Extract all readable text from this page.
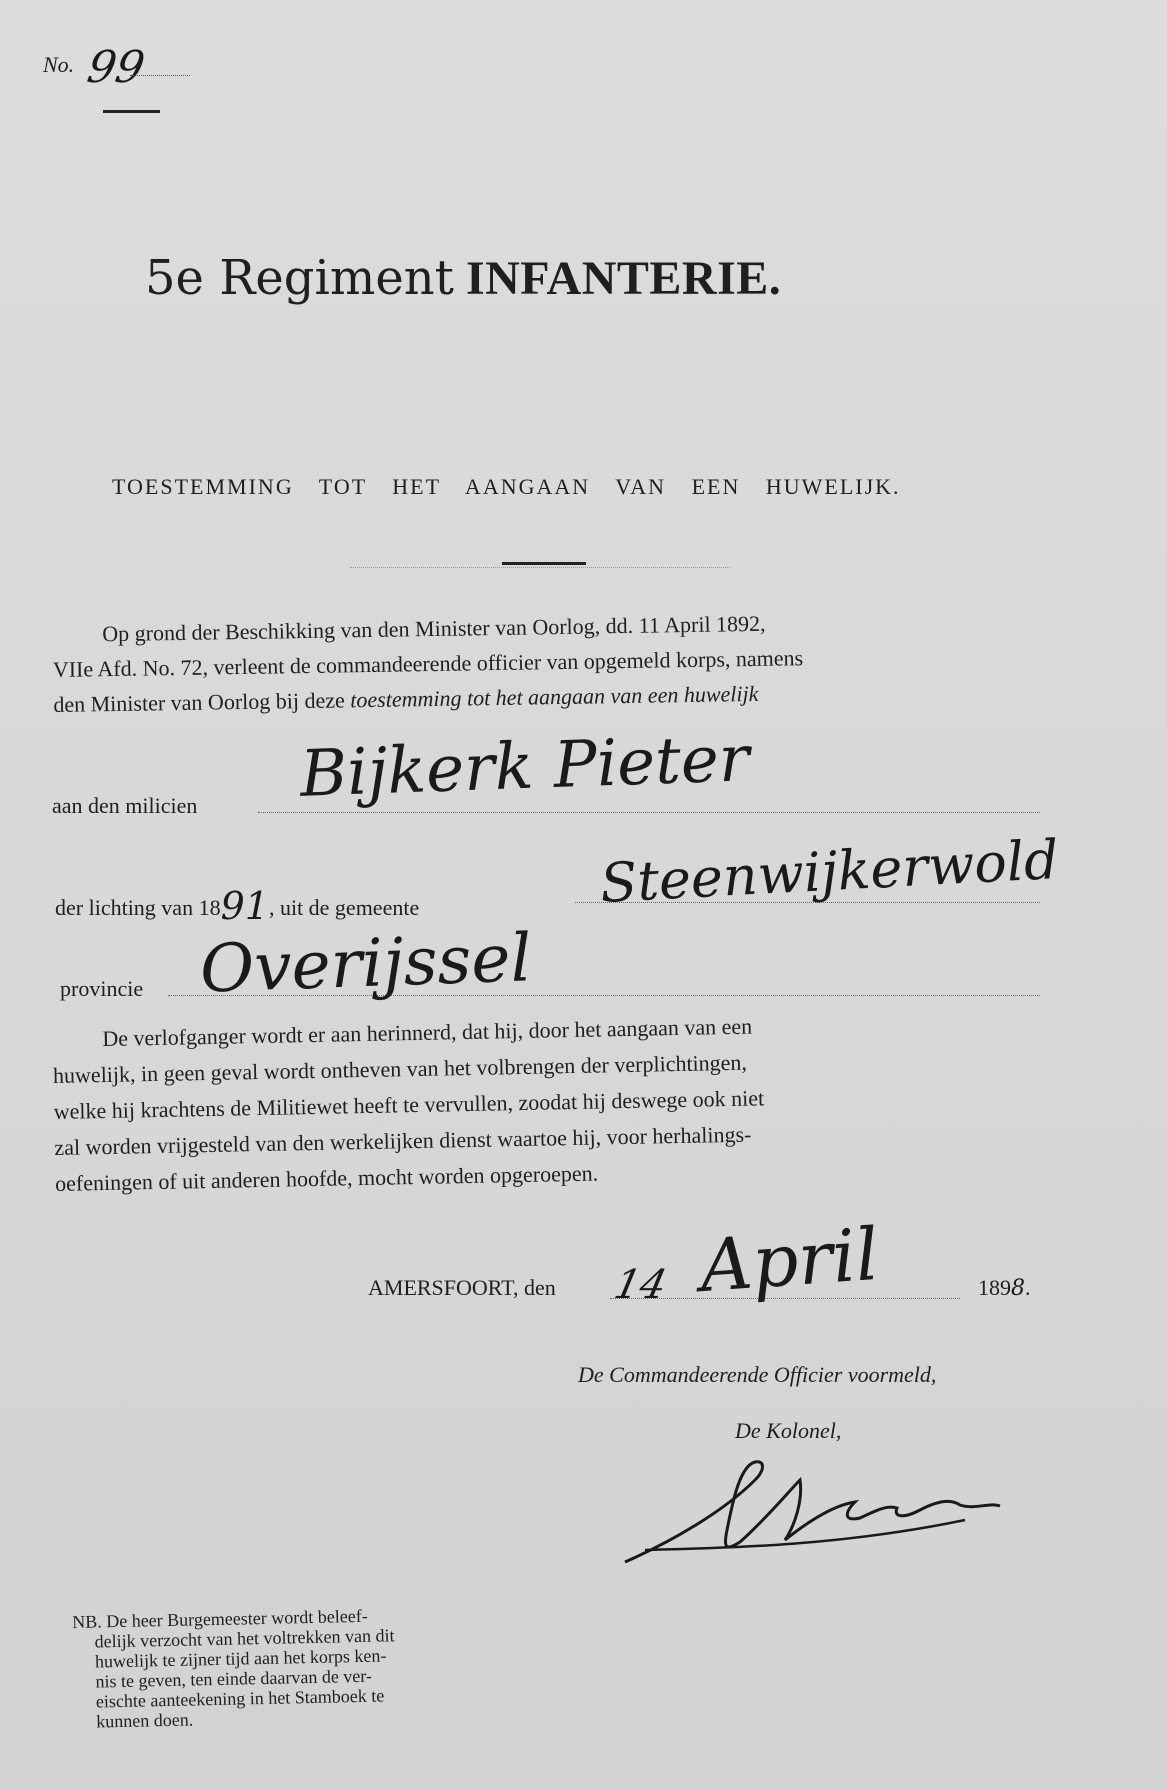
No. 99
5e Regiment INFANTERIE.
TOESTEMMING TOT HET AANGAAN VAN EEN HUWELIJK.
Op grond der Beschikking van den Minister van Oorlog, dd. 11 April 1892,
VIIe Afd. No. 72, verleent de commandeerende officier van opgemeld korps, namens
den Minister van Oorlog bij deze toestemming tot het aangaan van een huwelijk
aan den milicien Bijkerk Pieter
der lichting van 1891, uit de gemeente	Steenwijkerwold
provincie Overijssel

De verlofganger wordt er aan herinnerd, dat hij, door het aangaan van een

huwelijk, in geen geval wordt ontheven van het volbrengen der verplichtingen,

welke hij krachtens de Militiewet heeft te vervullen, zoodat hij deswege ook niet

zal worden vrijgesteld van den werkelijken dienst waartoe hij, voor herhalings-

oefeningen of uit anderen hoofde, mocht worden opgeroepen.

AMERSFOORT, den 14 April	1898.
De Commandeerende Officier voormeld,
De Kolonel,
NB. De heer Burgemeester wordt beleef-
delijk verzocht van het voltrekken van dit
huwelijk te zijner tijd aan het korps ken-
nis te geven, ten einde daarvan de ver-
eischte aanteekening in het Stamboek te
kunnen doen.
